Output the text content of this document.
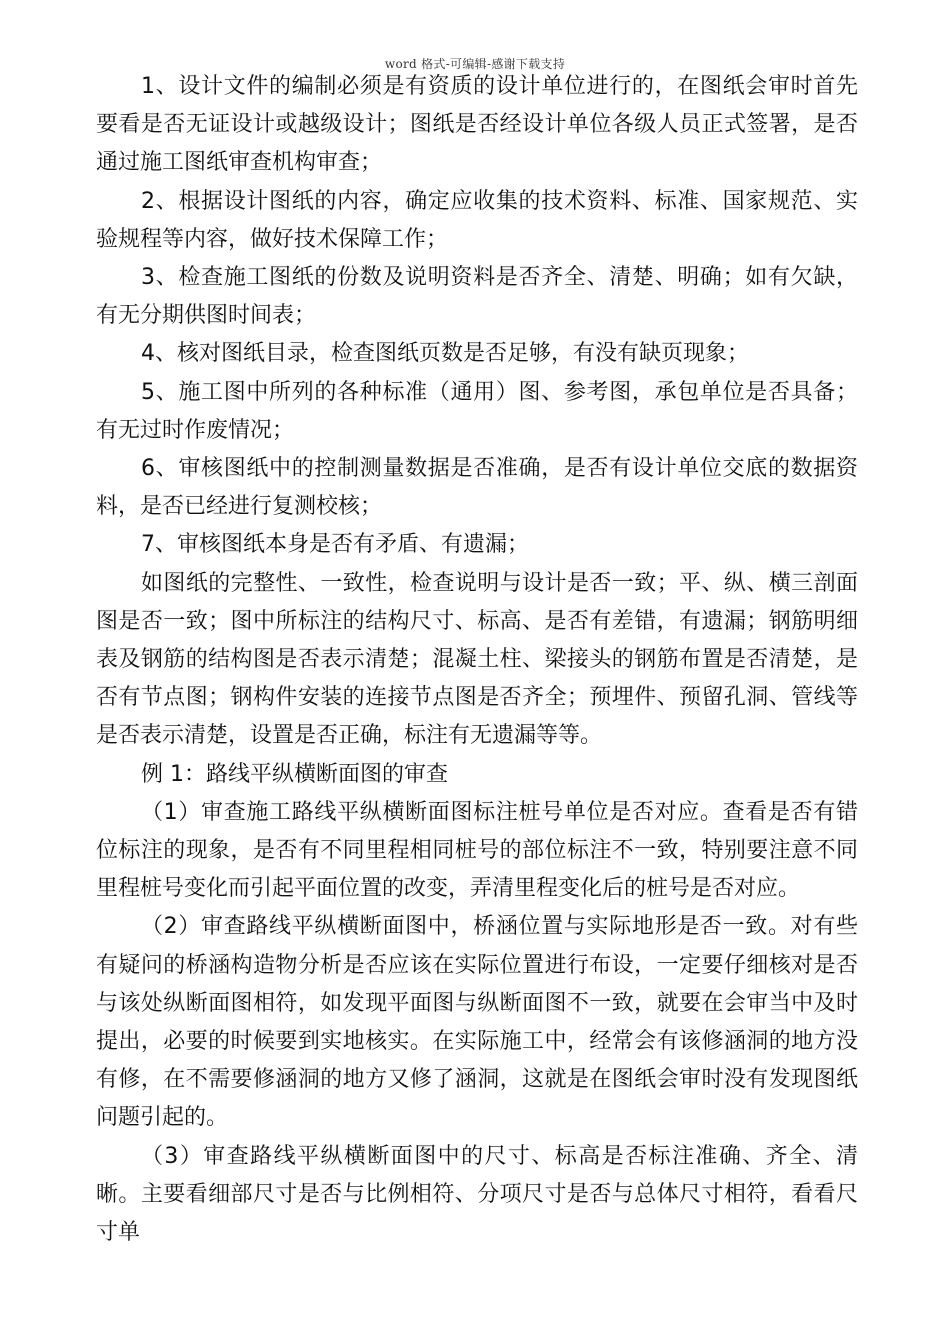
word 格式-可编辑-感谢下载支持

1、设计文件的编制必须是有资质的设计单位进行的，在图纸会审时首先要看是否无证设计或越级设计；图纸是否经设计单位各级人员正式签署，是否通过施工图纸审查机构审查；

2、根据设计图纸的内容，确定应收集的技术资料、标准、国家规范、实验规程等内容，做好技术保障工作；

3、检查施工图纸的份数及说明资料是否齐全、清楚、明确；如有欠缺，有无分期供图时间表；

4、核对图纸目录，检查图纸页数是否足够，有没有缺页现象；

5、施工图中所列的各种标准（通用）图、参考图，承包单位是否具备；有无过时作废情况；

6、审核图纸中的控制测量数据是否准确，是否有设计单位交底的数据资料，是否已经进行复测校核；

7、审核图纸本身是否有矛盾、有遗漏；

如图纸的完整性、一致性，检查说明与设计是否一致；平、纵、横三剖面图是否一致；图中所标注的结构尺寸、标高、是否有差错，有遗漏；钢筋明细表及钢筋的结构图是否表示清楚；混凝土柱、梁接头的钢筋布置是否清楚，是否有节点图；钢构件安装的连接节点图是否齐全；预埋件、预留孔洞、管线等是否表示清楚，设置是否正确，标注有无遗漏等等。

例 1：路线平纵横断面图的审查

（1）审查施工路线平纵横断面图标注桩号单位是否对应。查看是否有错位标注的现象，是否有不同里程相同桩号的部位标注不一致，特别要注意不同里程桩号变化而引起平面位置的改变，弄清里程变化后的桩号是否对应。

（2）审查路线平纵横断面图中，桥涵位置与实际地形是否一致。对有些有疑问的桥涵构造物分析是否应该在实际位置进行布设，一定要仔细核对是否与该处纵断面图相符，如发现平面图与纵断面图不一致，就要在会审当中及时提出，必要的时候要到实地核实。在实际施工中，经常会有该修涵洞的地方没有修，在不需要修涵洞的地方又修了涵洞，这就是在图纸会审时没有发现图纸问题引起的。

（3）审查路线平纵横断面图中的尺寸、标高是否标注准确、齐全、清晰。主要看细部尺寸是否与比例相符、分项尺寸是否与总体尺寸相符，看看尺寸单
